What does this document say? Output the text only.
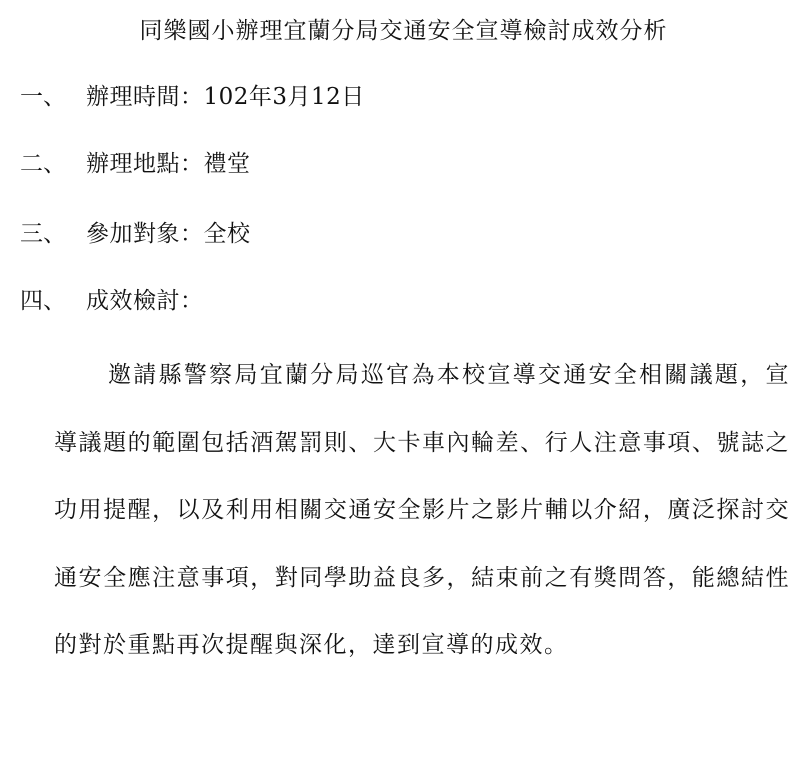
同樂國小辦理宜蘭分局交通安全宣導檢討成效分析
一、 辦理時間：102年3月12日
二、 辦理地點：禮堂
三、 參加對象：全校
四、 成效檢討：
邀請縣警察局宜蘭分局巡官為本校宣導交通安全相關議題，宣導議題的範圍包括酒駕罰則、大卡車內輪差、行人注意事項、號誌之功用提醒，以及利用相關交通安全影片之影片輔以介紹，廣泛探討交通安全應注意事項，對同學助益良多，結束前之有獎問答，能總結性的對於重點再次提醒與深化，達到宣導的成效。
